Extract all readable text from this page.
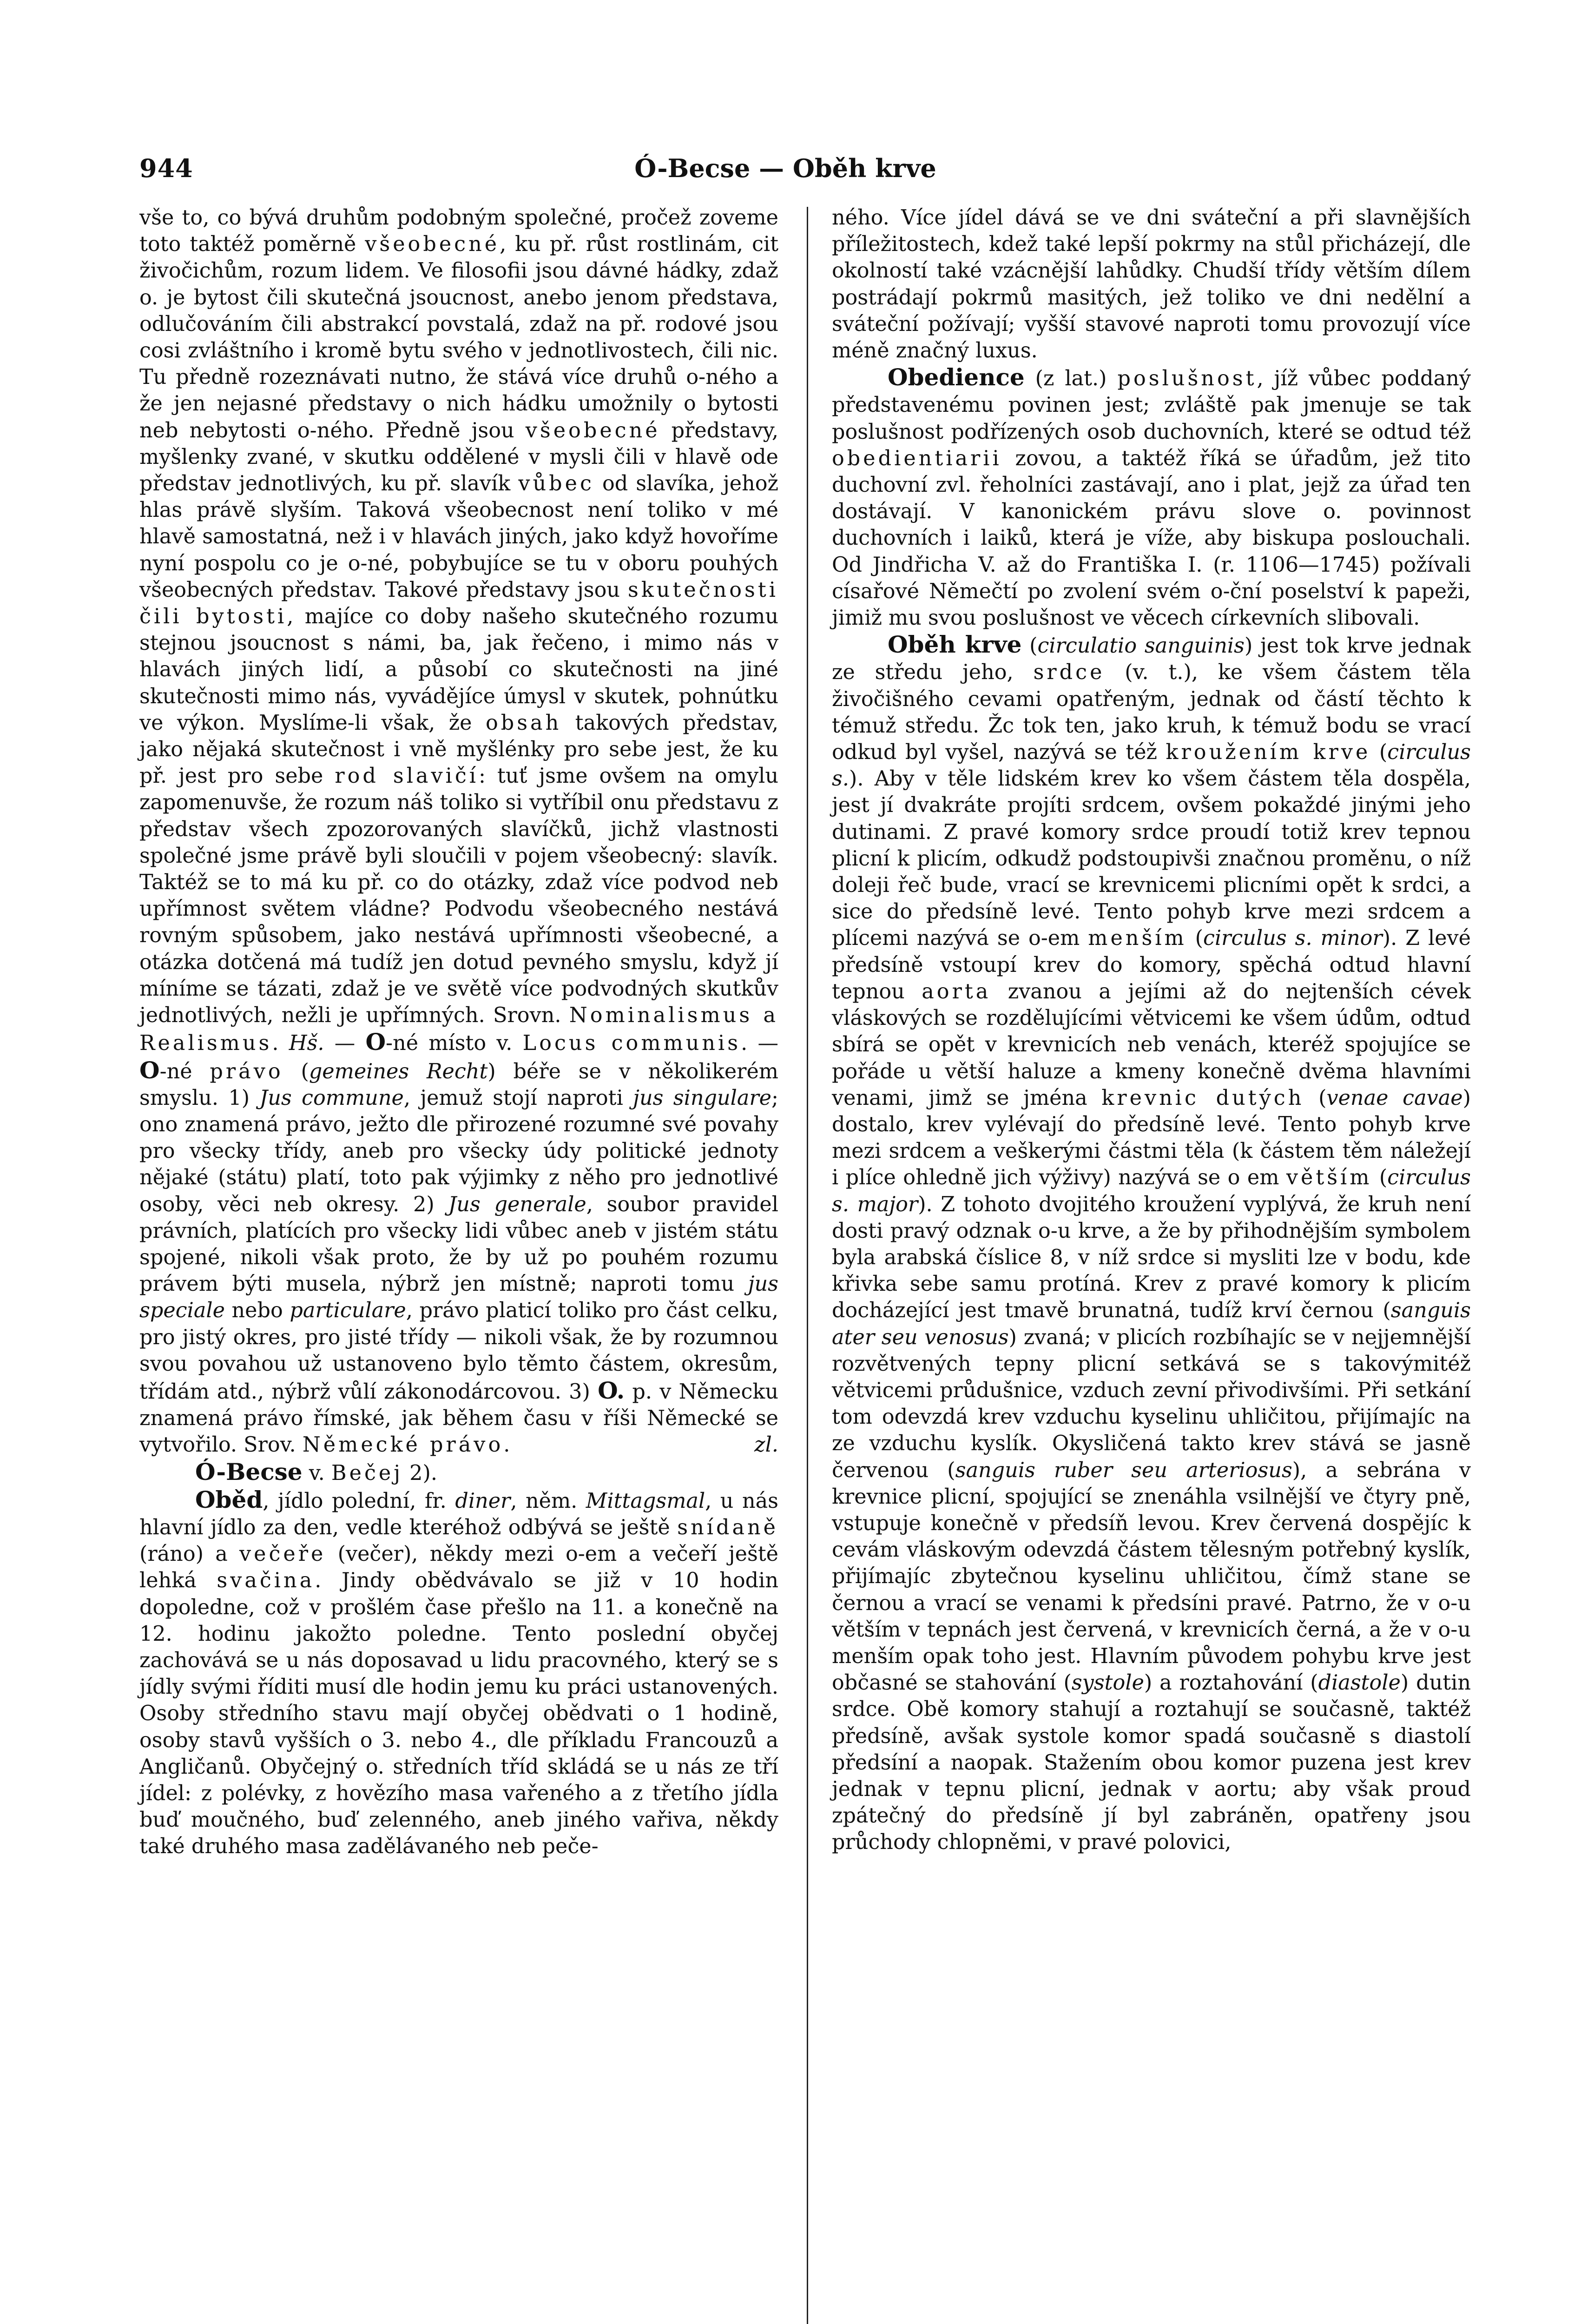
944	Ó-Becse — Oběh krve

vše to, co bývá druhům podobným společné, pročež zoveme toto taktéž poměrně všeobecné, ku př. růst rostlinám, cit živočichům, rozum lidem. Ve filosofii jsou dávné hádky, zdaž o. je bytost čili skutečná jsoucnost, anebo jenom představa, odlučováním čili abstrakcí povstalá, zdaž na př. rodové jsou cosi zvláštního i kromě bytu svého v jednotlivostech, čili nic. Tu předně rozeznávati nutno, že stává více druhů o-ného a že jen nejasné představy o nich hádku umožnily o bytosti neb nebytosti o-ného. Předně jsou všeobecné představy, myšlenky zvané, v skutku oddělené v mysli čili v hlavě ode představ jednotlivých, ku př. slavík vůbec od slavíka, jehož hlas právě slyším. Taková všeobecnost není toliko v mé hlavě samostatná, než i v hlavách jiných, jako když hovoříme nyní pospolu co je o-né, pobybujíce se tu v oboru pouhých všeobecných představ. Takové představy jsou skutečnosti čili bytosti, majíce co doby našeho skutečného rozumu stejnou jsoucnost s námi, ba, jak řečeno, i mimo nás v hlavách jiných lidí, a působí co skutečnosti na jiné skutečnosti mimo nás, vyvádějíce úmysl v skutek, pohnútku ve výkon. Myslíme-li však, že obsah takových představ, jako nějaká skutečnost i vně myšlénky pro sebe jest, že ku př. jest pro sebe rod slavičí: tuť jsme ovšem na omylu zapomenuvše, že rozum náš toliko si vytříbil onu představu z představ všech zpozorovaných slavíčků, jichž vlastnosti společné jsme právě byli sloučili v pojem všeobecný: slavík. Taktéž se to má ku př. co do otázky, zdaž více podvod neb upřímnost světem vládne? Podvodu všeobecného nestává rovným spůsobem, jako nestává upřímnosti všeobecné, a otázka dotčená má tudíž jen dotud pevného smyslu, když jí míníme se tázati, zdaž je ve světě více podvodných skutkův jednotlivých, nežli je upřímných. Srovn. Nominalismus a Realismus. Hš. — O-né místo v. Locus communis. — O-né právo (gemeines Recht) béře se v několikerém smyslu. 1) Jus commune, jemuž stojí naproti jus singulare; ono znamená právo, ježto dle přirozené rozumné své povahy pro všecky třídy, aneb pro všecky údy politické jednoty nějaké (státu) platí, toto pak výjimky z něho pro jednotlivé osoby, věci neb okresy. 2) Jus generale, soubor pravidel právních, platících pro všecky lidi vůbec aneb v jistém státu spojené, nikoli však proto, že by už po pouhém rozumu právem býti musela, nýbrž jen místně; naproti tomu jus speciale nebo particulare, právo platicí toliko pro část celku, pro jistý okres, pro jisté třídy — nikoli však, že by rozumnou svou povahou už ustanoveno bylo těmto částem, okresům, třídám atd., nýbrž vůlí zákonodárcovou. 3) O. p. v Německu znamená právo římské, jak během času v říši Německé se vytvořilo. Srov. Německé právo.	zl.

Ó-Becse v. Bečej 2).

Oběd, jídlo polední, fr. diner, něm. Mittagsmal, u nás hlavní jídlo za den, vedle kteréhož odbývá se ještě snídaně (ráno) a večeře (večer), někdy mezi o-em a večeří ještě lehká svačina. Jindy obědvávalo se již v 10 hodin dopoledne, což v prošlém čase přešlo na 11. a konečně na 12. hodinu jakožto poledne. Tento poslední obyčej zachovává se u nás doposavad u lidu pracovného, který se s jídly svými říditi musí dle hodin jemu ku práci ustanovených. Osoby středního stavu mají obyčej obědvati o 1 hodině, osoby stavů vyšších o 3. nebo 4., dle příkladu Francouzů a Angličanů. Obyčejný o. středních tříd skládá se u nás ze tří jídel: z polévky, z hovězího masa vařeného a z třetího jídla buď moučného, buď zelenného, aneb jiného vařiva, někdy také druhého masa zadělávaného neb peče-

ného. Více jídel dává se ve dni sváteční a při slavnějších příležitostech, kdež také lepší pokrmy na stůl přicházejí, dle okolností také vzácnější lahůdky. Chudší třídy větším dílem postrádají pokrmů masitých, jež toliko ve dni nedělní a sváteční požívají; vyšší stavové naproti tomu provozují více méně značný luxus.

Obedience (z lat.) poslušnost, jíž vůbec poddaný představenému povinen jest; zvláště pak jmenuje se tak poslušnost podřízených osob duchovních, které se odtud též obedientiarii zovou, a taktéž říká se úřadům, jež tito duchovní zvl. řeholníci zastávají, ano i plat, jejž za úřad ten dostávají. V kanonickém právu slove o. povinnost duchovních i laiků, která je víže, aby biskupa poslouchali. Od Jindřicha V. až do Františka I. (r. 1106—1745) požívali císařové Němečtí po zvolení svém o-ční poselství k papeži, jimiž mu svou poslušnost ve věcech církevních slibovali.

Oběh krve (circulatio sanguinis) jest tok krve jednak ze středu jeho, srdce (v. t.), ke všem částem těla živočišného cevami opatřeným, jednak od částí těchto k témuž středu. Žc tok ten, jako kruh, k témuž bodu se vrací odkud byl vyšel, nazývá se též kroužením krve (circulus s.). Aby v těle lidském krev ko všem částem těla dospěla, jest jí dvakráte projíti srdcem, ovšem pokaždé jinými jeho dutinami. Z pravé komory srdce proudí totiž krev tepnou plicní k plicím, odkudž podstoupivši značnou proměnu, o níž doleji řeč bude, vrací se krevnicemi plicními opět k srdci, a sice do předsíně levé. Tento pohyb krve mezi srdcem a plícemi nazývá se o-em menším (circulus s. minor). Z levé předsíně vstoupí krev do komory, spěchá odtud hlavní tepnou aorta zvanou a jejími až do nejtenších cévek vláskových se rozdělujícími větvicemi ke všem údům, odtud sbírá se opět v krevnicích neb venách, kteréž spojujíce se pořáde u větší haluze a kmeny konečně dvěma hlavními venami, jimž se jména krevnic dutých (venae cavae) dostalo, krev vylévají do předsíně levé. Tento pohyb krve mezi srdcem a veškerými částmi těla (k částem těm náležejí i plíce ohledně jich výživy) nazývá se o em větším (circulus s. major). Z tohoto dvojitého kroužení vyplývá, že kruh není dosti pravý odznak o-u krve, a že by přihodnějším symbolem byla arabská číslice 8, v níž srdce si mysliti lze v bodu, kde křivka sebe samu protíná. Krev z pravé komory k plicím docházející jest tmavě brunatná, tudíž krví černou (sanguis ater seu venosus) zvaná; v plicích rozbíhajíc se v nejjemnější rozvětvených tepny plicní setkává se s takovýmitéž větvicemi průdušnice, vzduch zevní přivodivšími. Při setkání tom odevzdá krev vzduchu kyselinu uhličitou, přijímajíc na ze vzduchu kyslík. Okysličená takto krev stává se jasně červenou (sanguis ruber seu arteriosus), a sebrána v krevnice plicní, spojující se znenáhla vsilnější ve čtyry pně, vstupuje konečně v předsíň levou. Krev červená dospějíc k cevám vláskovým odevzdá částem tělesným potřebný kyslík, přijímajíc zbytečnou kyselinu uhličitou, čímž stane se černou a vrací se venami k předsíni pravé. Patrno, že v o-u větším v tepnách jest červená, v krevnicích černá, a že v o-u menším opak toho jest. Hlavním původem pohybu krve jest občasné se stahování (systole) a roztahování (diastole) dutin srdce. Obě komory stahují a roztahují se současně, taktéž předsíně, avšak systole komor spadá současně s diastolí předsíní a naopak. Stažením obou komor puzena jest krev jednak v tepnu plicní, jednak v aortu; aby však proud zpátečný do předsíně jí byl zabráněn, opatřeny jsou průchody chlopněmi, v pravé polovici,
